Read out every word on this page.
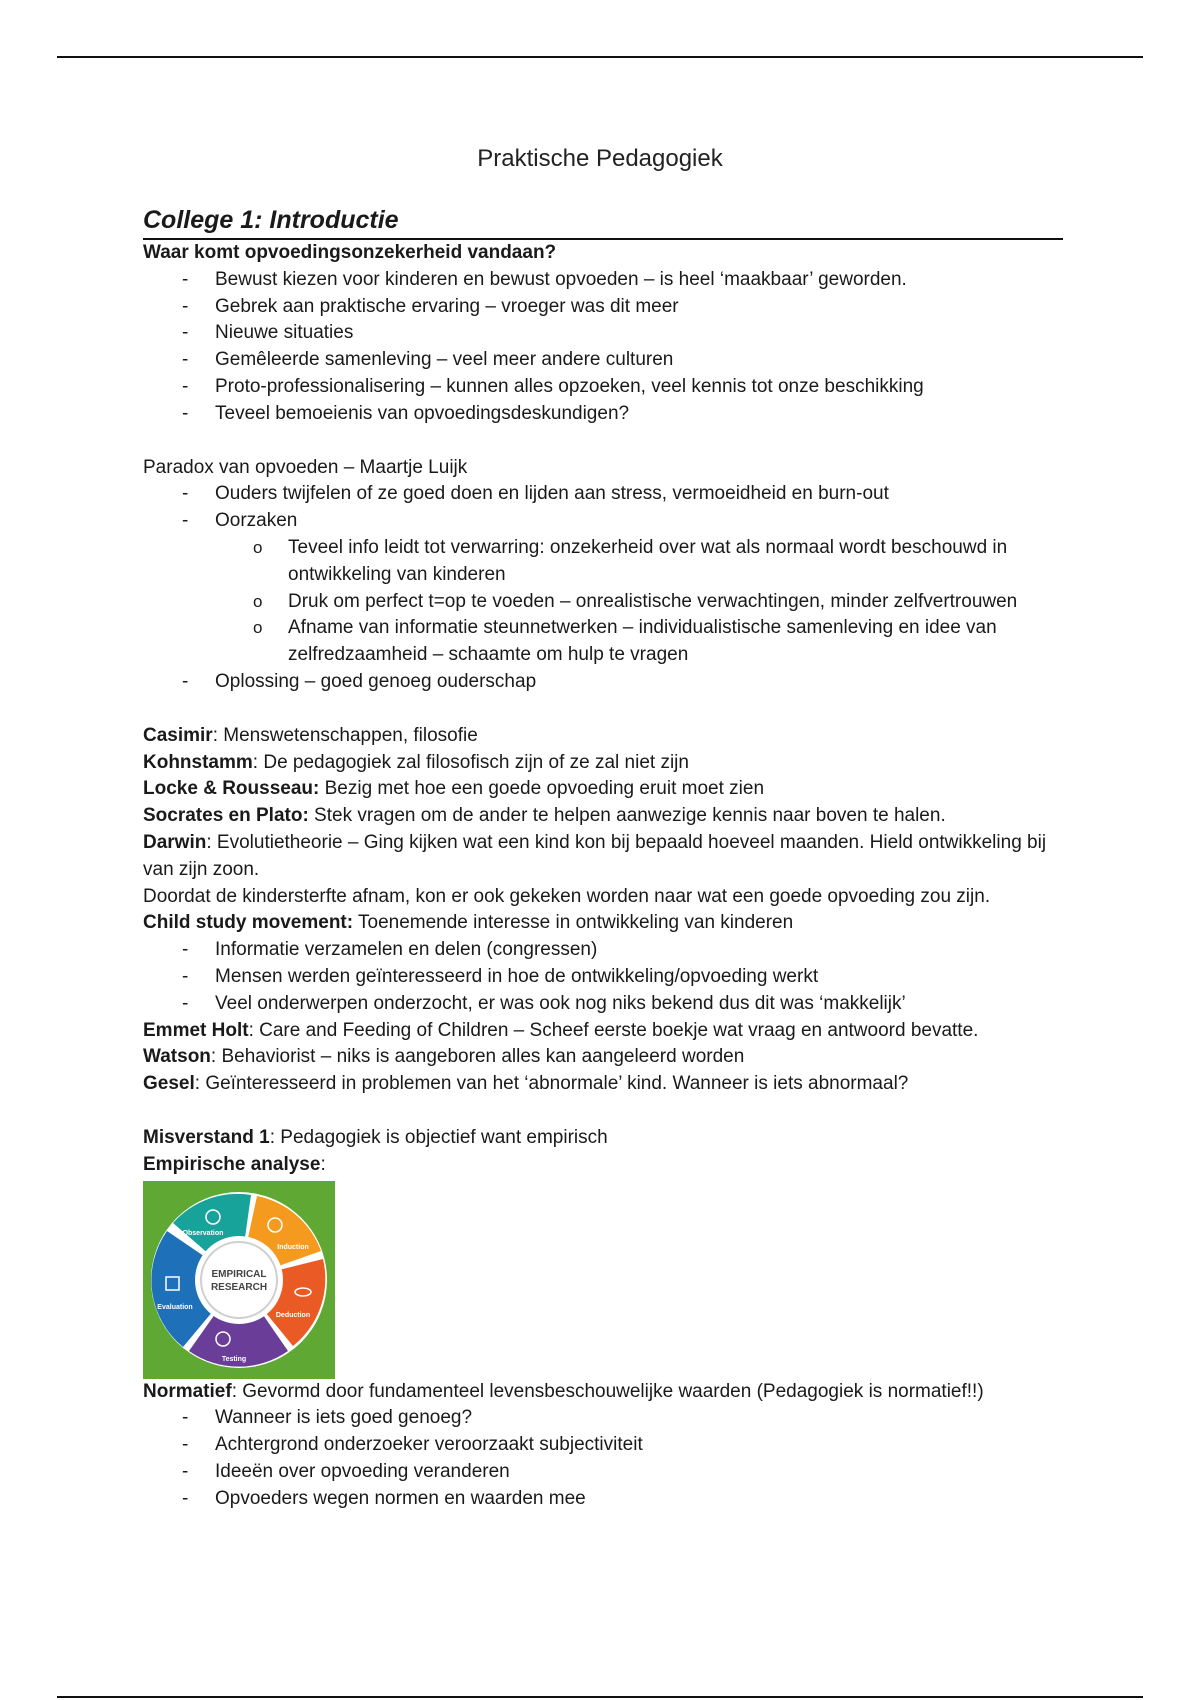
Praktische Pedagogiek
College 1: Introductie

Waar komt opvoedingsonzekerheid vandaan?

- Bewust kiezen voor kinderen en bewust opvoeden – is heel ‘maakbaar’ geworden.
- Gebrek aan praktische ervaring – vroeger was dit meer
- Nieuwe situaties
- Gemêleerde samenleving – veel meer andere culturen
- Proto-professionalisering – kunnen alles opzoeken, veel kennis tot onze beschikking
- Teveel bemoeienis van opvoedingsdeskundigen?

Paradox van opvoeden – Maartje Luijk

- Ouders twijfelen of ze goed doen en lijden aan stress, vermoeidheid en burn-out
- Oorzaken
o Teveel info leidt tot verwarring: onzekerheid over wat als normaal wordt beschouwd in ontwikkeling van kinderen
o Druk om perfect t=op te voeden – onrealistische verwachtingen, minder zelfvertrouwen
o Afname van informatie steunnetwerken – individualistische samenleving en idee van zelfredzaamheid – schaamte om hulp te vragen
- Oplossing – goed genoeg ouderschap

Casimir: Menswetenschappen, filosofie

Kohnstamm: De pedagogiek zal filosofisch zijn of ze zal niet zijn

Locke & Rousseau: Bezig met hoe een goede opvoeding eruit moet zien

Socrates en Plato: Stek vragen om de ander te helpen aanwezige kennis naar boven te halen.

Darwin: Evolutietheorie – Ging kijken wat een kind kon bij bepaald hoeveel maanden. Hield ontwikkeling bij van zijn zoon.

Doordat de kindersterfte afnam, kon er ook gekeken worden naar wat een goede opvoeding zou zijn.

Child study movement: Toenemende interesse in ontwikkeling van kinderen

- Informatie verzamelen en delen (congressen)
- Mensen werden geïnteresseerd in hoe de ontwikkeling/opvoeding werkt
- Veel onderwerpen onderzocht, er was ook nog niks bekend dus dit was ‘makkelijk’

Emmet Holt: Care and Feeding of Children – Scheef eerste boekje wat vraag en antwoord bevatte.

Watson: Behaviorist – niks is aangeboren alles kan aangeleerd worden

Gesel: Geïnteresseerd in problemen van het ‘abnormale’ kind. Wanneer is iets abnormaal?

Misverstand 1: Pedagogiek is objectief want empirisch

Empirische analyse:

EMPIRICAL
RESEARCH
Observation
Induction
Deduction
Testing
Evaluation

Normatief: Gevormd door fundamenteel levensbeschouwelijke waarden (Pedagogiek is normatief!!)

- Wanneer is iets goed genoeg?
- Achtergrond onderzoeker veroorzaakt subjectiviteit
- Ideeën over opvoeding veranderen
- Opvoeders wegen normen en waarden mee
